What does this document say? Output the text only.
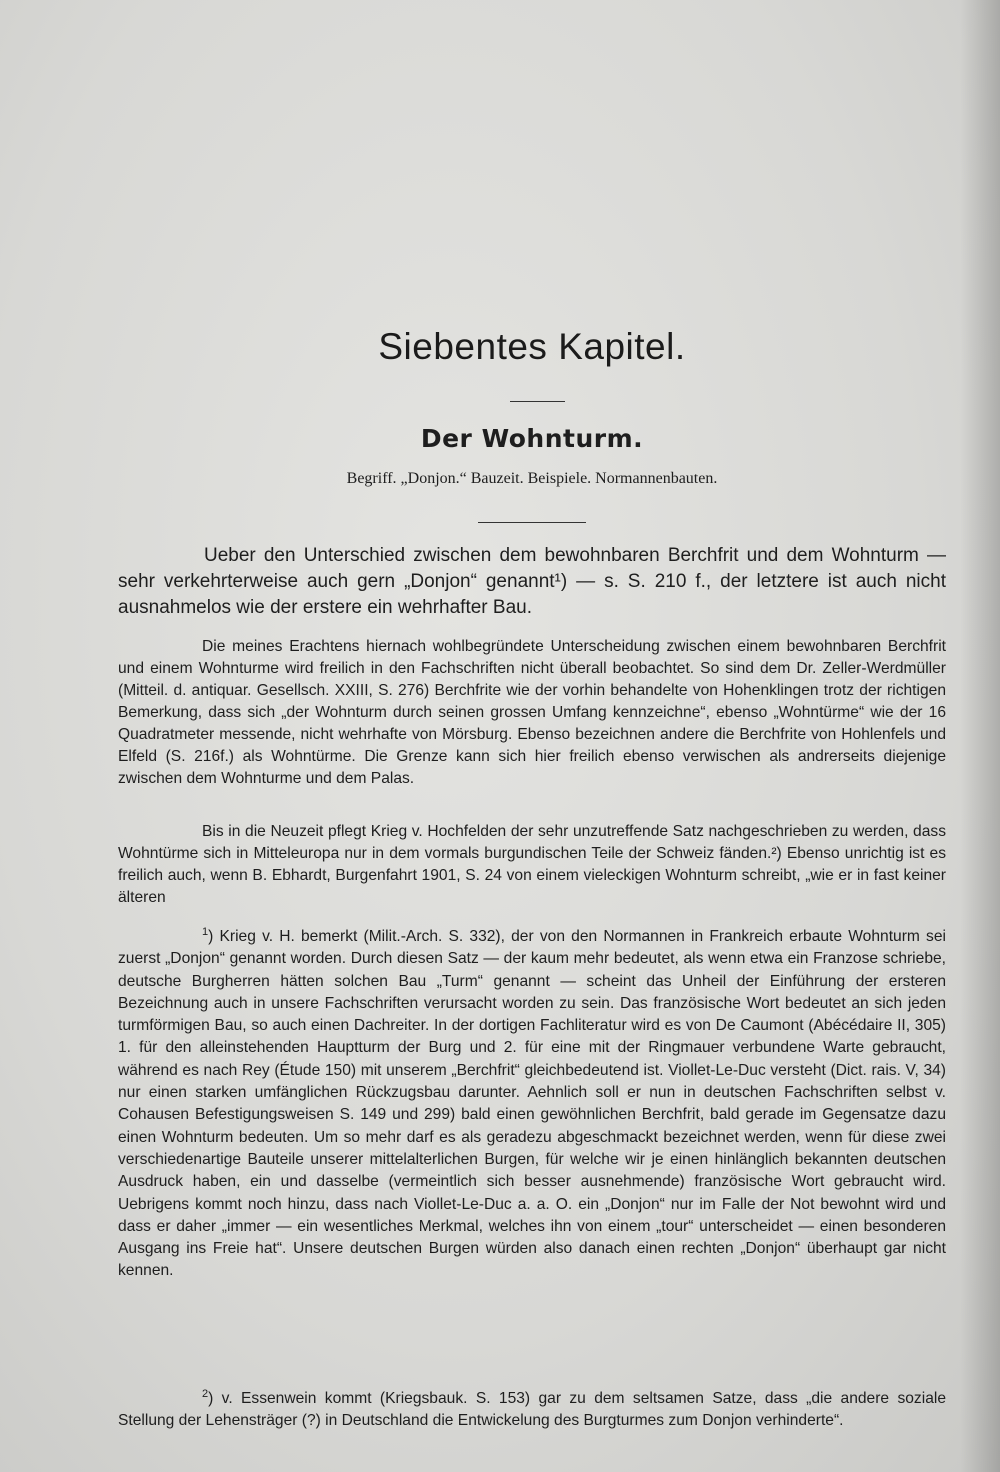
Siebentes Kapitel.
Der Wohnturm.
Begriff. „Donjon.“ Bauzeit. Beispiele. Normannenbauten.

Ueber den Unterschied zwischen dem bewohnbaren Berchfrit und dem Wohnturm — sehr verkehrterweise auch gern „Donjon“ genannt¹) — s. S. 210 f., der letztere ist auch nicht ausnahmelos wie der erstere ein wehrhafter Bau.

Die meines Erachtens hiernach wohlbegründete Unterscheidung zwischen einem bewohnbaren Berchfrit und einem Wohnturme wird freilich in den Fachschriften nicht überall beobachtet. So sind dem Dr. Zeller-Werdmüller (Mitteil. d. antiquar. Gesellsch. XXIII, S. 276) Berchfrite wie der vorhin behandelte von Hohenklingen trotz der richtigen Bemerkung, dass sich „der Wohnturm durch seinen grossen Umfang kennzeichne“, ebenso „Wohntürme“ wie der 16 Quadratmeter messende, nicht wehrhafte von Mörsburg. Ebenso bezeichnen andere die Berchfrite von Hohlenfels und Elfeld (S. 216f.) als Wohntürme. Die Grenze kann sich hier freilich ebenso verwischen als andrerseits diejenige zwischen dem Wohnturme und dem Palas.

Bis in die Neuzeit pflegt Krieg v. Hochfelden der sehr unzutreffende Satz nachgeschrieben zu werden, dass Wohntürme sich in Mitteleuropa nur in dem vormals burgundischen Teile der Schweiz fänden.²) Ebenso unrichtig ist es freilich auch, wenn B. Ebhardt, Burgenfahrt 1901, S. 24 von einem vieleckigen Wohnturm schreibt, „wie er in fast keiner älteren

$^1$) Krieg v. H. bemerkt (Milit.-Arch. S. 332), der von den Normannen in Frankreich erbaute Wohnturm sei zuerst „Donjon“ genannt worden. Durch diesen Satz — der kaum mehr bedeutet, als wenn etwa ein Franzose schriebe, deutsche Burgherren hätten solchen Bau „Turm“ genannt — scheint das Unheil der Einführung der ersteren Bezeichnung auch in unsere Fachschriften verursacht worden zu sein. Das französische Wort bedeutet an sich jeden turmförmigen Bau, so auch einen Dachreiter. In der dortigen Fachliteratur wird es von De Caumont (Abécédaire II, 305) 1. für den alleinstehenden Hauptturm der Burg und 2. für eine mit der Ringmauer verbundene Warte gebraucht, während es nach Rey (Étude 150) mit unserem „Berchfrit“ gleichbedeutend ist. Viollet-Le-Duc versteht (Dict. rais. V, 34) nur einen starken umfänglichen Rückzugsbau darunter. Aehnlich soll er nun in deutschen Fachschriften selbst v. Cohausen Befestigungsweisen S. 149 und 299) bald einen gewöhnlichen Berchfrit, bald gerade im Gegensatze dazu einen Wohnturm bedeuten. Um so mehr darf es als geradezu abgeschmackt bezeichnet werden, wenn für diese zwei verschiedenartige Bauteile unserer mittelalterlichen Burgen, für welche wir je einen hinlänglich bekannten deutschen Ausdruck haben, ein und dasselbe (vermeintlich sich besser ausnehmende) französische Wort gebraucht wird. Uebrigens kommt noch hinzu, dass nach Viollet-Le-Duc a. a. O. ein „Donjon“ nur im Falle der Not bewohnt wird und dass er daher „immer — ein wesentliches Merkmal, welches ihn von einem „tour“ unterscheidet — einen besonderen Ausgang ins Freie hat“. Unsere deutschen Burgen würden also danach einen rechten „Donjon“ überhaupt gar nicht kennen.

$^2$) v. Essenwein kommt (Kriegsbauk. S. 153) gar zu dem seltsamen Satze, dass „die andere soziale Stellung der Lehensträger (?) in Deutschland die Entwickelung des Burgturmes zum Donjon verhinderte“.
